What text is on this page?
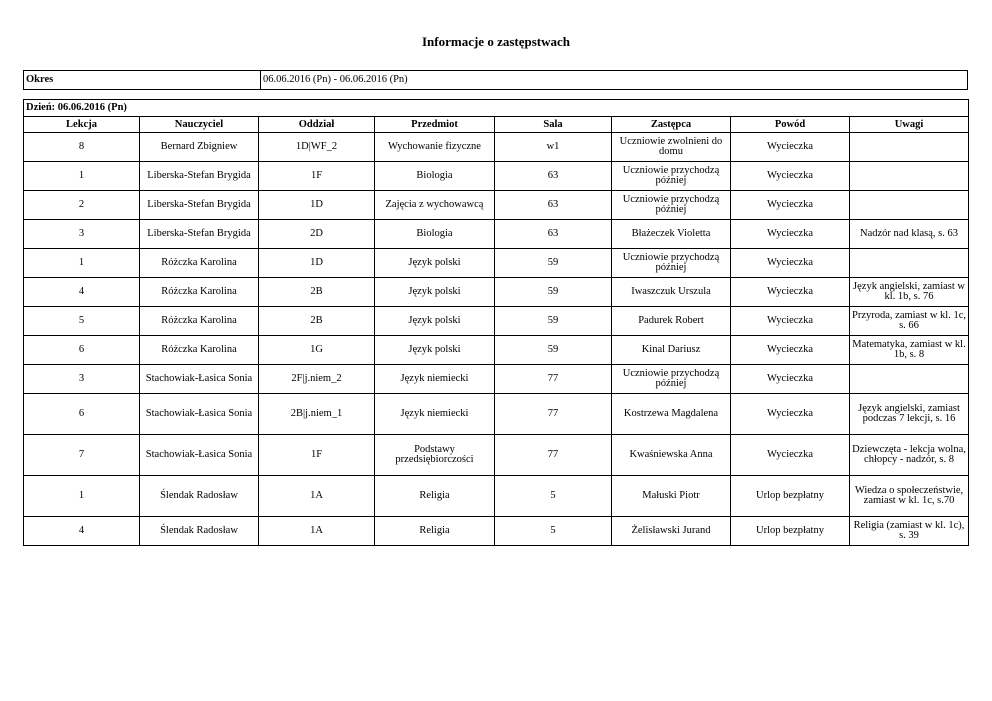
Informacje o zastępstwach
Okres	06.06.2016 (Pn) - 06.06.2016 (Pn)
Dzień: 06.06.2016 (Pn)							
Lekcja	Nauczyciel	Oddział	Przedmiot	Sala	Zastępca	Powód	Uwagi
8	Bernard Zbigniew	1D|WF_2	Wychowanie fizyczne	w1	Uczniowie zwolnieni do domu	Wycieczka	
1	Liberska-Stefan Brygida	1F	Biologia	63	Uczniowie przychodzą później	Wycieczka	
2	Liberska-Stefan Brygida	1D	Zajęcia z wychowawcą	63	Uczniowie przychodzą później	Wycieczka	
3	Liberska-Stefan Brygida	2D	Biologia	63	Błażeczek Violetta	Wycieczka	Nadzór nad klasą, s. 63
1	Różczka Karolina	1D	Język polski	59	Uczniowie przychodzą później	Wycieczka	
4	Różczka Karolina	2B	Język polski	59	Iwaszczuk Urszula	Wycieczka	Język angielski, zamiast w kl. 1b, s. 76
5	Różczka Karolina	2B	Język polski	59	Padurek Robert	Wycieczka	Przyroda, zamiast w kl. 1c, s. 66
6	Różczka Karolina	1G	Język polski	59	Kinal Dariusz	Wycieczka	Matematyka, zamiast w kl. 1b, s. 8
3	Stachowiak-Łasica Sonia	2F|j.niem_2	Język niemiecki	77	Uczniowie przychodzą później	Wycieczka	
6	Stachowiak-Łasica Sonia	2B|j.niem_1	Język niemiecki	77	Kostrzewa Magdalena	Wycieczka	Język angielski, zamiast podczas 7 lekcji, s. 16
7	Stachowiak-Łasica Sonia	1F	Podstawy przedsiębiorczości	77	Kwaśniewska Anna	Wycieczka	Dziewczęta - lekcja wolna, chłopcy - nadzór, s. 8
1	Ślendak Radosław	1A	Religia	5	Małuski Piotr	Urlop bezpłatny	Wiedza o społeczeństwie, zamiast w kl. 1c, s.70
4	Ślendak Radosław	1A	Religia	5	Żelisławski Jurand	Urlop bezpłatny	Religia (zamiast w kl. 1c), s. 39
